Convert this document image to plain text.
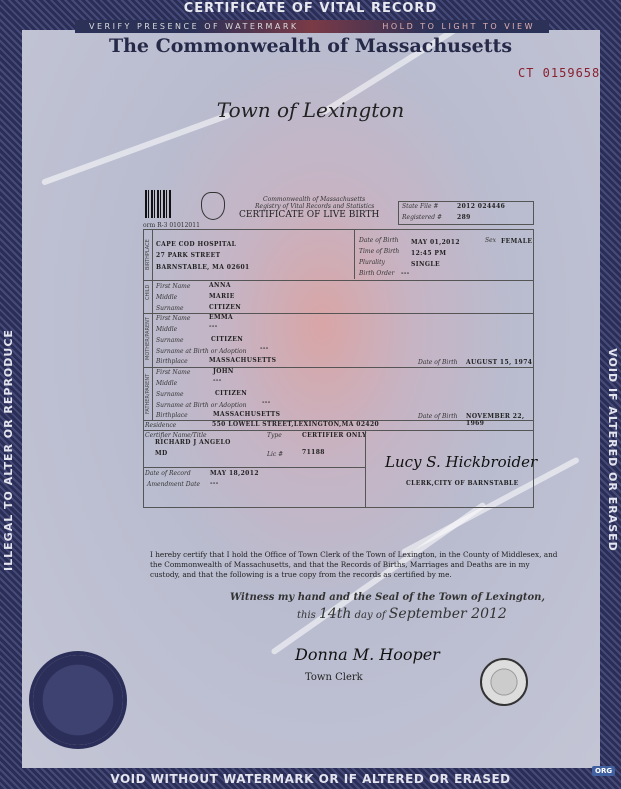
CERTIFICATE OF VITAL RECORD
VERIFY PRESENCE OF WATERMARK	HOLD TO LIGHT TO VIEW
The Commonwealth of Massachusetts
CT 0159658
Town of Lexington
ILLEGAL TO ALTER OR REPRODUCE	VOID IF ALTERED OR ERASED
VOID WITHOUT WATERMARK OR IF ALTERED OR ERASED
orm R-3 01012011
Commonwealth of Massachusetts
Registry of Vital Records and Statistics
CERTIFICATE OF LIVE BIRTH
State File #	2012 024446
Registered # 289
BIRTHPLACE
CHILD
MOTHER/PARENT
FATHER/PARENT
CAPE COD HOSPITAL
27 PARK STREET
BARNSTABLE, MA 02601
Date of Birth MAY 01,2012	Sex FEMALE
Time of Birth 12:45 PM
Plurality	SINGLE
Birth Order ---
First Name	ANNA
Middle	MARIE
Surname	CITIZEN
First Name	EMMA
Middle	---
Surname	CITIZEN
Surname at Birth or Adoption ---
Birthplace	MASSACHUSETTS	Date of Birth AUGUST 15, 1974
First Name	JOHN
Middle	---
Surname	CITIZEN
Surname at Birth or Adoption	---
Birthplace	MASSACHUSETTS	Date of Birth NOVEMBER 22, 1969
Residence	550 LOWELL STREET,LEXINGTON,MA 02420
Certifier Name/Title
RICHARD J ANGELO
MD
Type	CERTIFIER ONLY
Lic #	71188
Date of Record	MAY 18,2012
Amendment Date ---	CLERK,CITY OF BARNSTABLE
Lucy S. Hickbroider
I hereby certify that I hold the Office of Town Clerk of the Town of Lexington, in the County of Middlesex, and the Commonwealth of Massachusetts, and that the Records of Births, Marriages and Deaths are in my custody, and that the following is a true copy from the records as certified by me.
Witness my hand and the Seal of the Town of Lexington,
this 14th day of September 2012
Donna M. Hooper
Town Clerk
ORG
